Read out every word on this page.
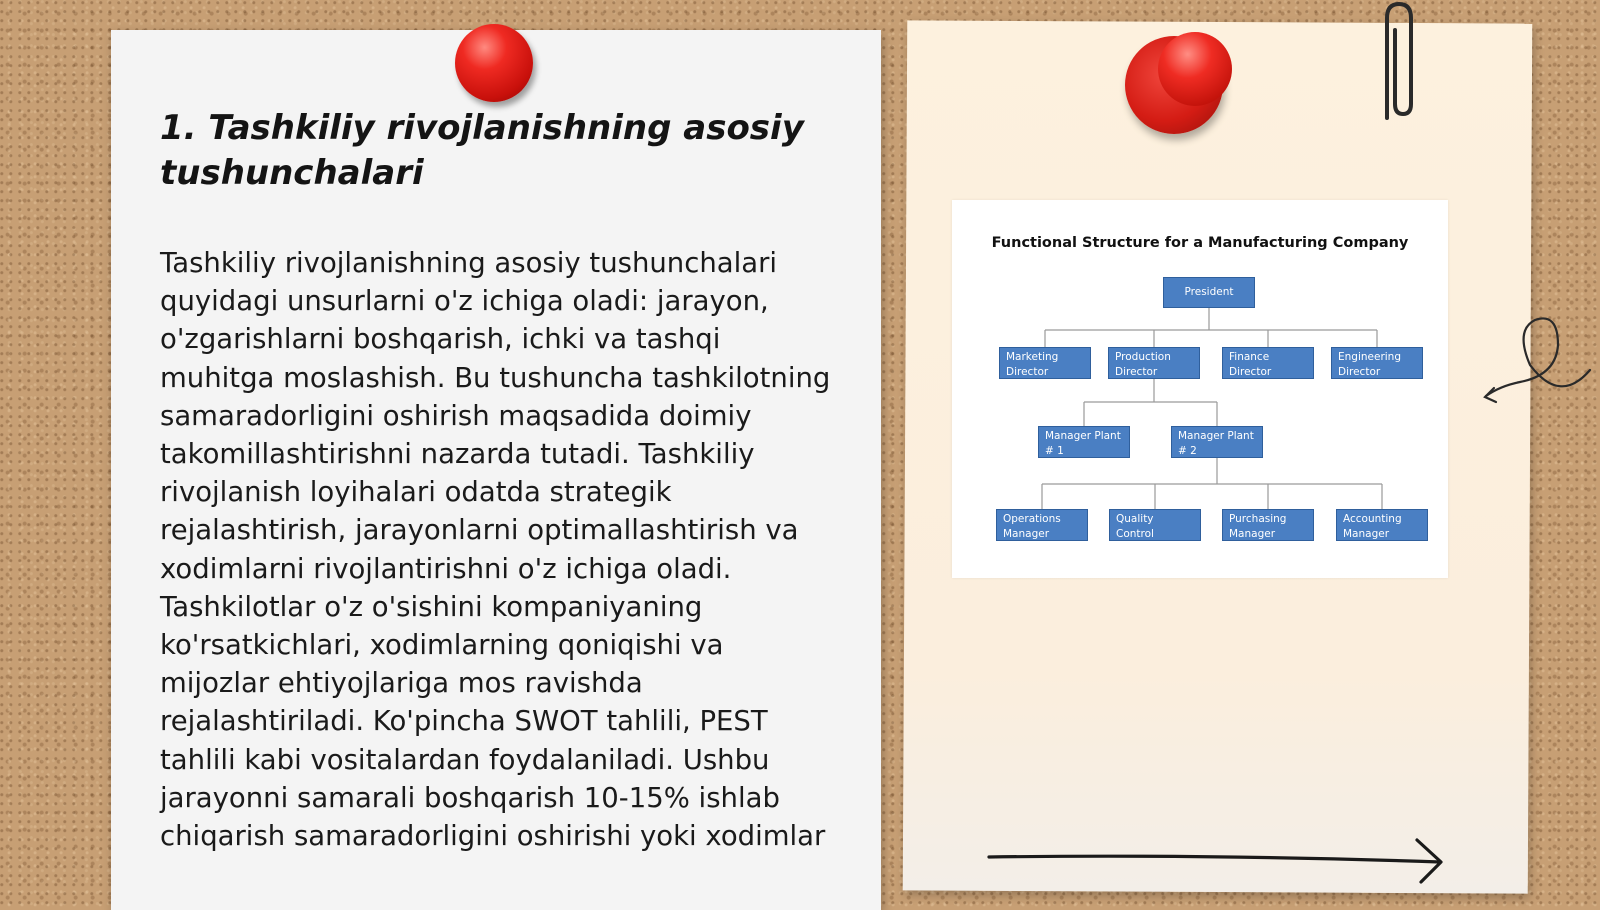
1. Tashkiliy rivojlanishning asosiy tushunchalari

Tashkiliy rivojlanishning asosiy tushunchalari quyidagi unsurlarni o'z ichiga oladi: jarayon, o'zgarishlarni boshqarish, ichki va tashqi muhitga moslashish. Bu tushuncha tashkilotning samaradorligini oshirish maqsadida doimiy takomillashtirishni nazarda tutadi. Tashkiliy rivojlanish loyihalari odatda strategik rejalashtirish, jarayonlarni optimallashtirish va xodimlarni rivojlantirishni o'z ichiga oladi. Tashkilotlar o'z o'sishini kompaniyaning ko'rsatkichlari, xodimlarning qoniqishi va mijozlar ehtiyojlariga mos ravishda rejalashtiriladi. Ko'pincha SWOT tahlili, PEST tahlili kabi vositalardan foydalaniladi. Ushbu jarayonni samarali boshqarish 10-15% ishlab chiqarish samaradorligini oshirishi yoki xodimlar

Functional Structure for a Manufacturing Company
President
Marketing Director
Production Director
Finance Director
Engineering Director
Manager Plant # 1
Manager Plant # 2
Operations Manager
Quality Control Manager
Purchasing Manager
Accounting Manager
